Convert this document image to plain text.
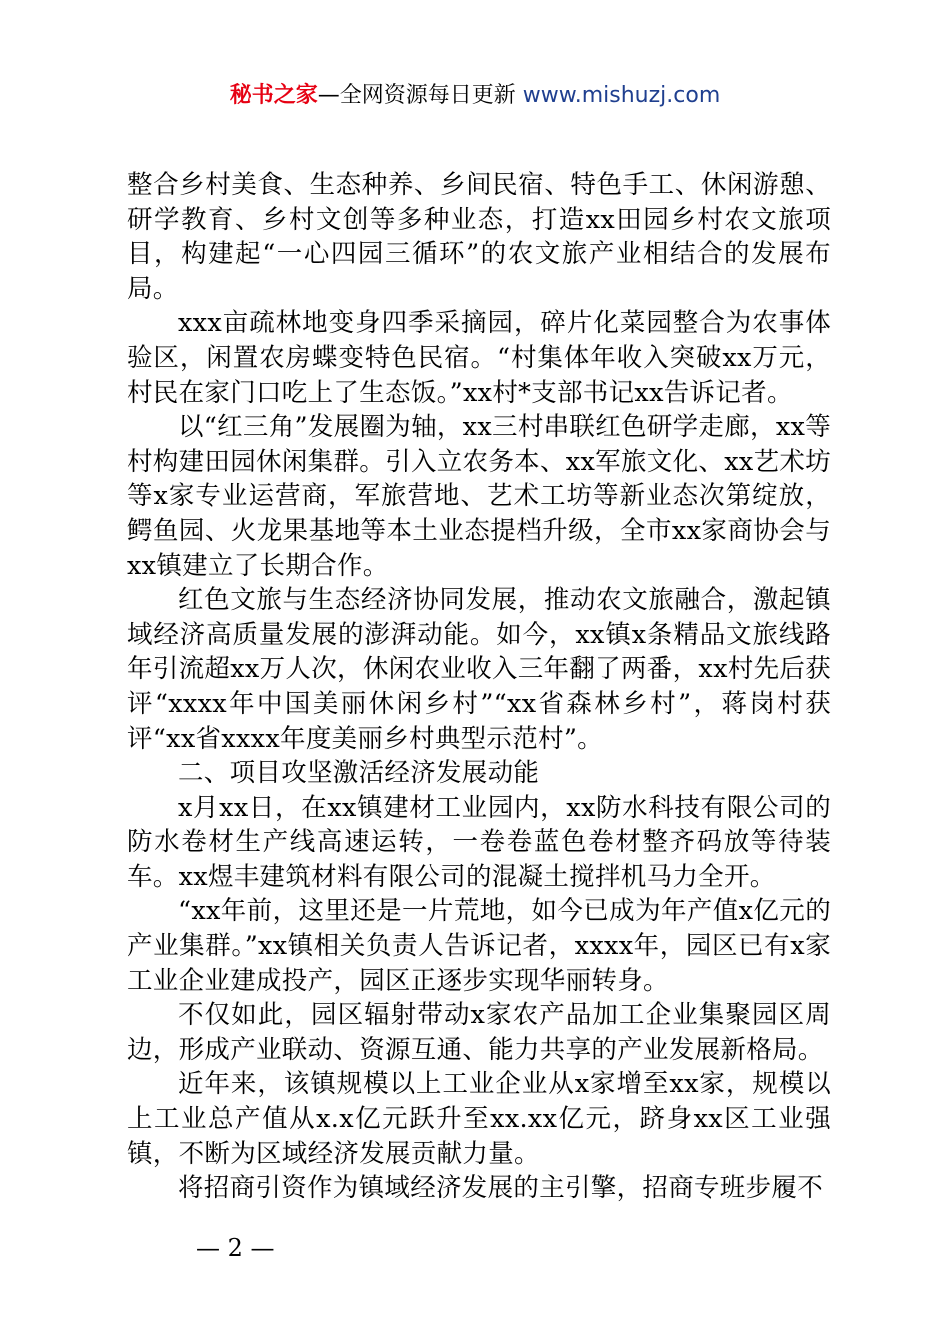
秘书之家—全网资源每日更新 www.mishuzj.com

整合乡村美食、生态种养、乡间民宿、特色手工、休闲游憩、研学教育、乡村文创等多种业态，打造xx田园乡村农文旅项目，构建起“一心四园三循环”的农文旅产业相结合的发展布局。

xxx亩疏林地变身四季采摘园，碎片化菜园整合为农事体验区，闲置农房蝶变特色民宿。“村集体年收入突破xx万元，村民在家门口吃上了生态饭。”xx村*支部书记xx告诉记者。

以“红三角”发展圈为轴，xx三村串联红色研学走廊，xx等村构建田园休闲集群。引入立农务本、xx军旅文化、xx艺术坊等x家专业运营商，军旅营地、艺术工坊等新业态次第绽放，鳄鱼园、火龙果基地等本土业态提档升级，全市xx家商协会与xx镇建立了长期合作。

红色文旅与生态经济协同发展，推动农文旅融合，激起镇域经济高质量发展的澎湃动能。如今，xx镇x条精品文旅线路年引流超xx万人次，休闲农业收入三年翻了两番，xx村先后获评“xxxx年中国美丽休闲乡村”“xx省森林乡村”，蒋岗村获评“xx省xxxx年度美丽乡村典型示范村”。

二、项目攻坚激活经济发展动能

x月xx日，在xx镇建材工业园内，xx防水科技有限公司的防水卷材生产线高速运转，一卷卷蓝色卷材整齐码放等待装车。xx煜丰建筑材料有限公司的混凝土搅拌机马力全开。

“xx年前，这里还是一片荒地，如今已成为年产值x亿元的产业集群。”xx镇相关负责人告诉记者，xxxx年，园区已有x家工业企业建成投产，园区正逐步实现华丽转身。

不仅如此，园区辐射带动x家农产品加工企业集聚园区周边，形成产业联动、资源互通、能力共享的产业发展新格局。

近年来，该镇规模以上工业企业从x家增至xx家，规模以上工业总产值从x.x亿元跃升至xx.xx亿元，跻身xx区工业强镇，不断为区域经济发展贡献力量。

将招商引资作为镇域经济发展的主引擎，招商专班步履不

— 2 —
